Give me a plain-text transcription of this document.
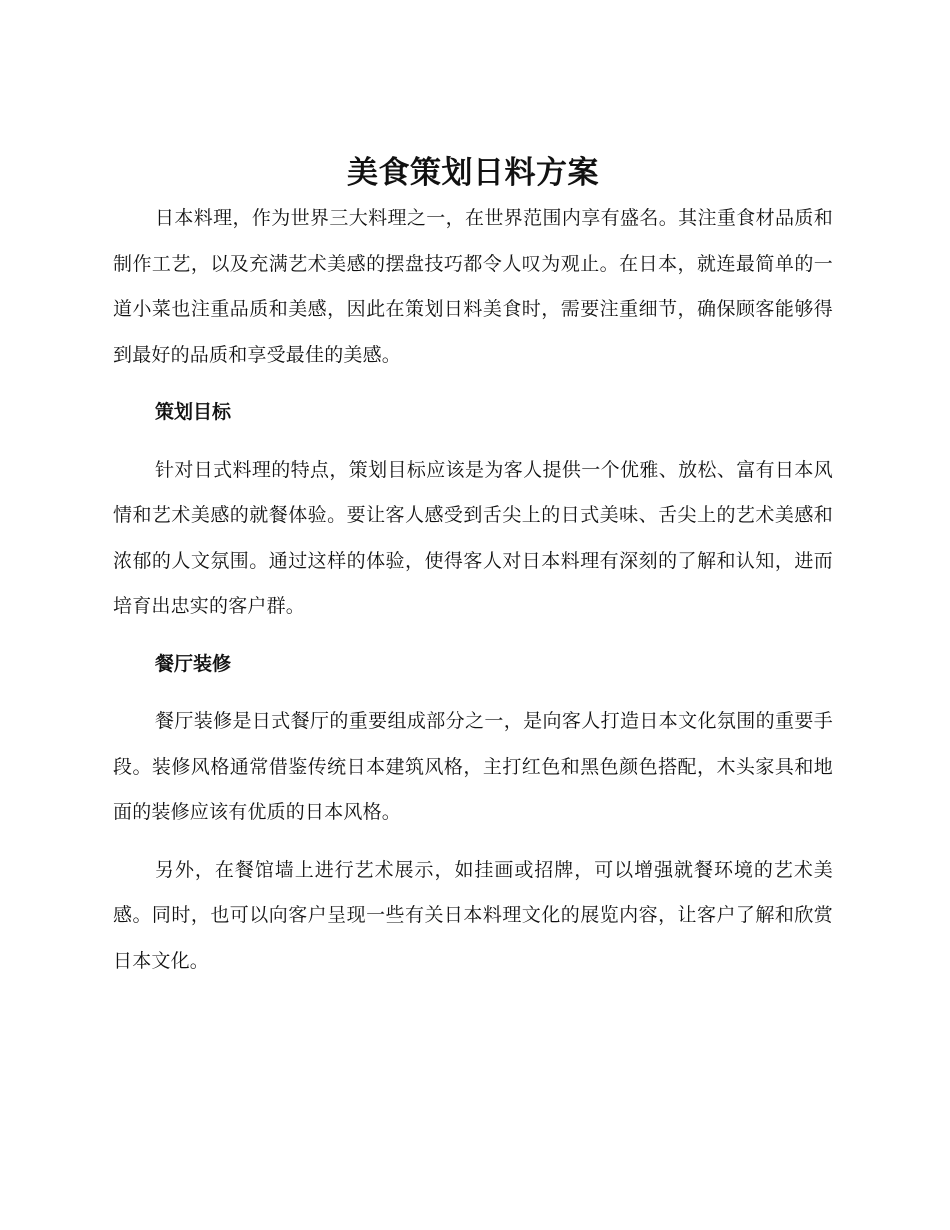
美食策划日料方案

日本料理，作为世界三大料理之一，在世界范围内享有盛名。其注重食材品质和制作工艺，以及充满艺术美感的摆盘技巧都令人叹为观止。在日本，就连最简单的一道小菜也注重品质和美感，因此在策划日料美食时，需要注重细节，确保顾客能够得到最好的品质和享受最佳的美感。

策划目标

针对日式料理的特点，策划目标应该是为客人提供一个优雅、放松、富有日本风情和艺术美感的就餐体验。要让客人感受到舌尖上的日式美味、舌尖上的艺术美感和浓郁的人文氛围。通过这样的体验，使得客人对日本料理有深刻的了解和认知，进而培育出忠实的客户群。

餐厅装修

餐厅装修是日式餐厅的重要组成部分之一，是向客人打造日本文化氛围的重要手段。装修风格通常借鉴传统日本建筑风格，主打红色和黑色颜色搭配，木头家具和地面的装修应该有优质的日本风格。

另外，在餐馆墙上进行艺术展示，如挂画或招牌，可以增强就餐环境的艺术美感。同时，也可以向客户呈现一些有关日本料理文化的展览内容，让客户了解和欣赏日本文化。
